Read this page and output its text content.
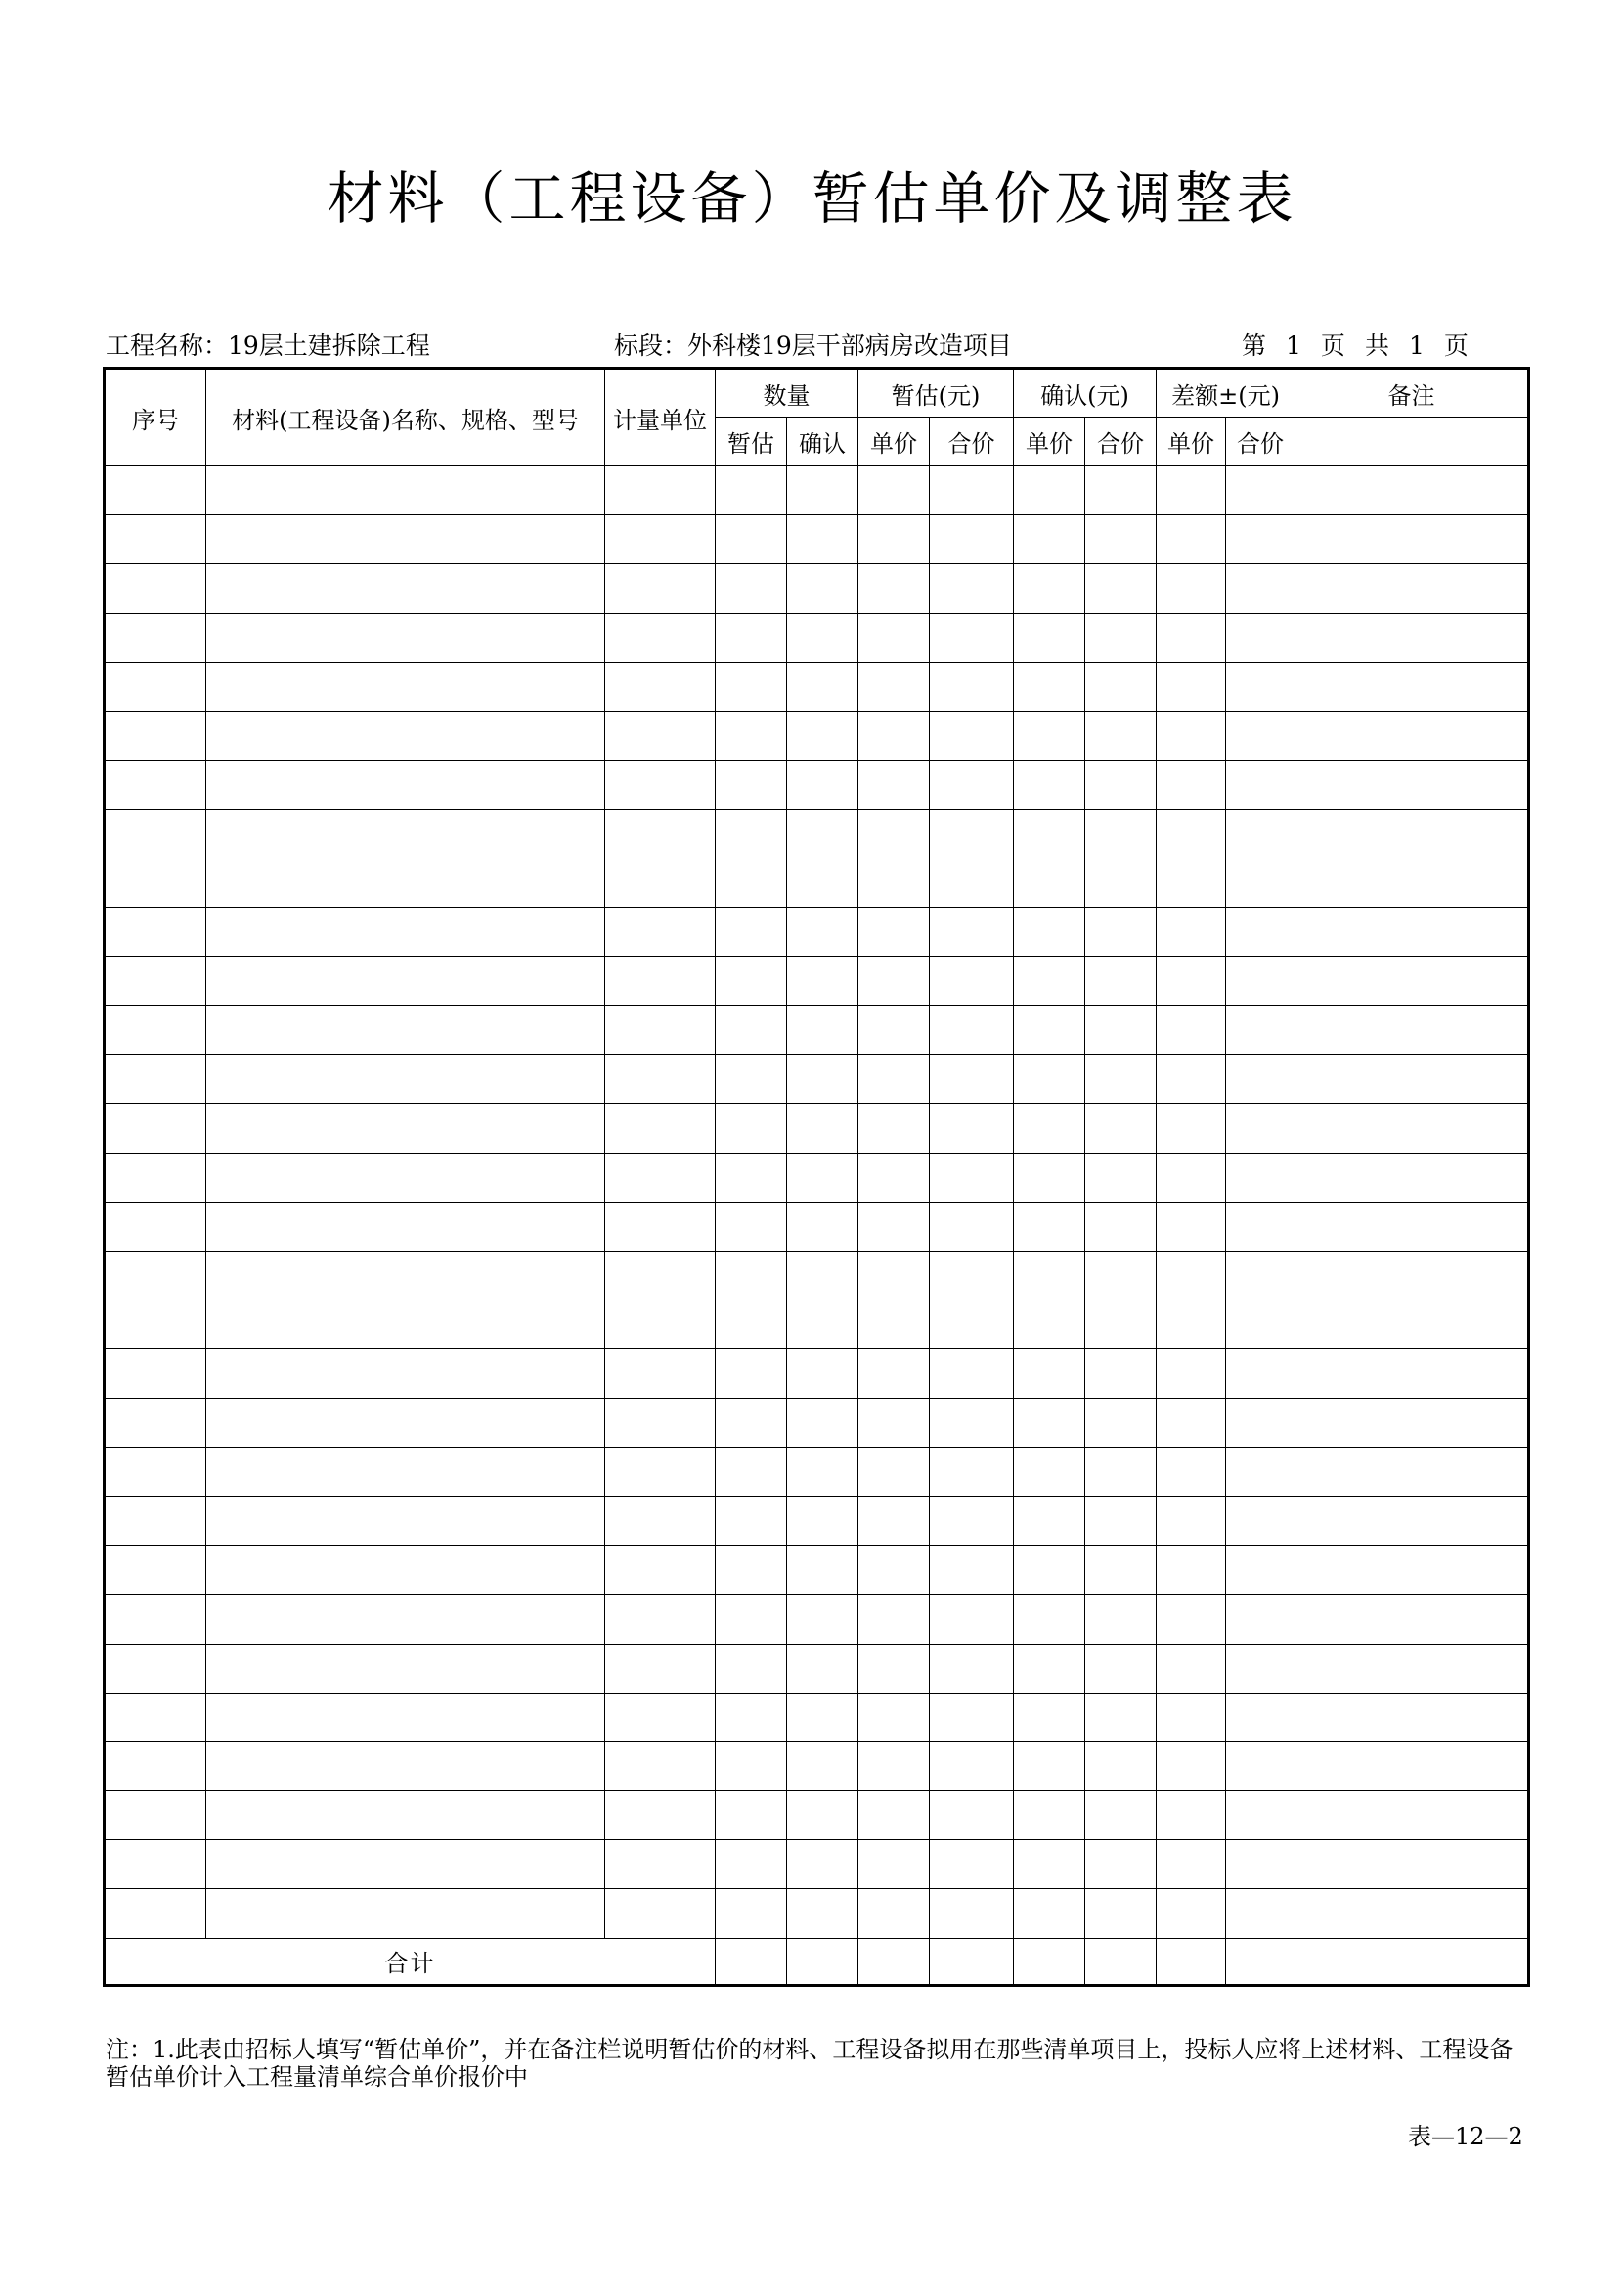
材料（工程设备）暂估单价及调整表
工程名称：19层土建拆除工程	标段：外科楼19层干部病房改造项目	第 1 页 共 1 页
序号	材料(工程设备)名称、规格、型号	计量单位	数量		暂估(元)		确认(元)		差额±(元)		备注
			暂估	确认	单价	合价	单价	合价	单价	合价	

合计											
注：1.此表由招标人填写“暂估单价”，并在备注栏说明暂估价的材料、工程设备拟用在那些清单项目上，投标人应将上述材料、工程设备暂估单价计入工程量清单综合单价报价中
表—12—2
